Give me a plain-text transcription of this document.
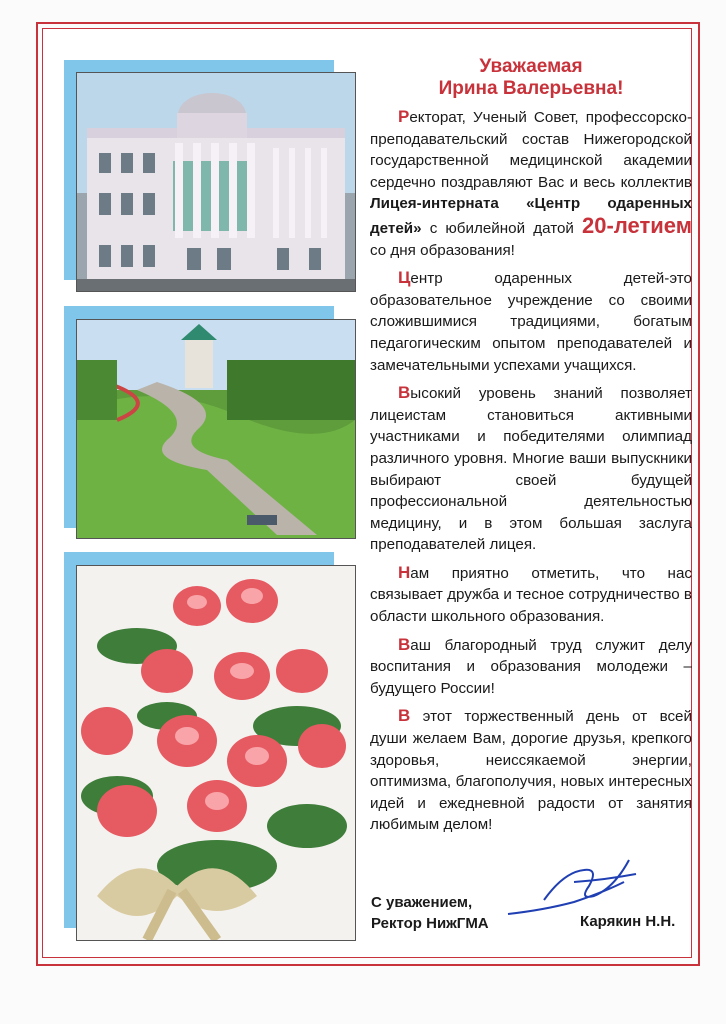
Уважаемая

Ирина Валерьевна!

Ректорат, Ученый Совет, профессорско-преподавательский состав Нижегородской государственной медицинской академии сердечно поздравляют Вас и весь коллектив Лицея-интерната «Центр одаренных детей» с юбилейной датой 20-летием со дня образования!

Центр одаренных детей-это образовательное учреждение со своими сложившимися традициями, богатым педагогическим опытом преподавателей и замечательными успехами учащихся.

Высокий уровень знаний позволяет лицеистам становиться активными участниками и победителями олимпиад различного уровня. Многие ваши выпускники выбирают своей будущей профессиональной деятельностью медицину, и в этом большая заслуга преподавателей лицея.

Нам приятно отметить, что нас связывает дружба и тесное сотрудничество в области школьного образования.

Ваш благородный труд служит делу воспитания и образования молодежи – будущего России!

В этот торжественный день от всей души желаем Вам, дорогие друзья, крепкого здоровья, неиссякаемой энергии, оптимизма, благополучия, новых интересных идей и ежедневной радости от занятия любимым делом!

С уважением,
Ректор НижГМА	Карякин Н.Н.
